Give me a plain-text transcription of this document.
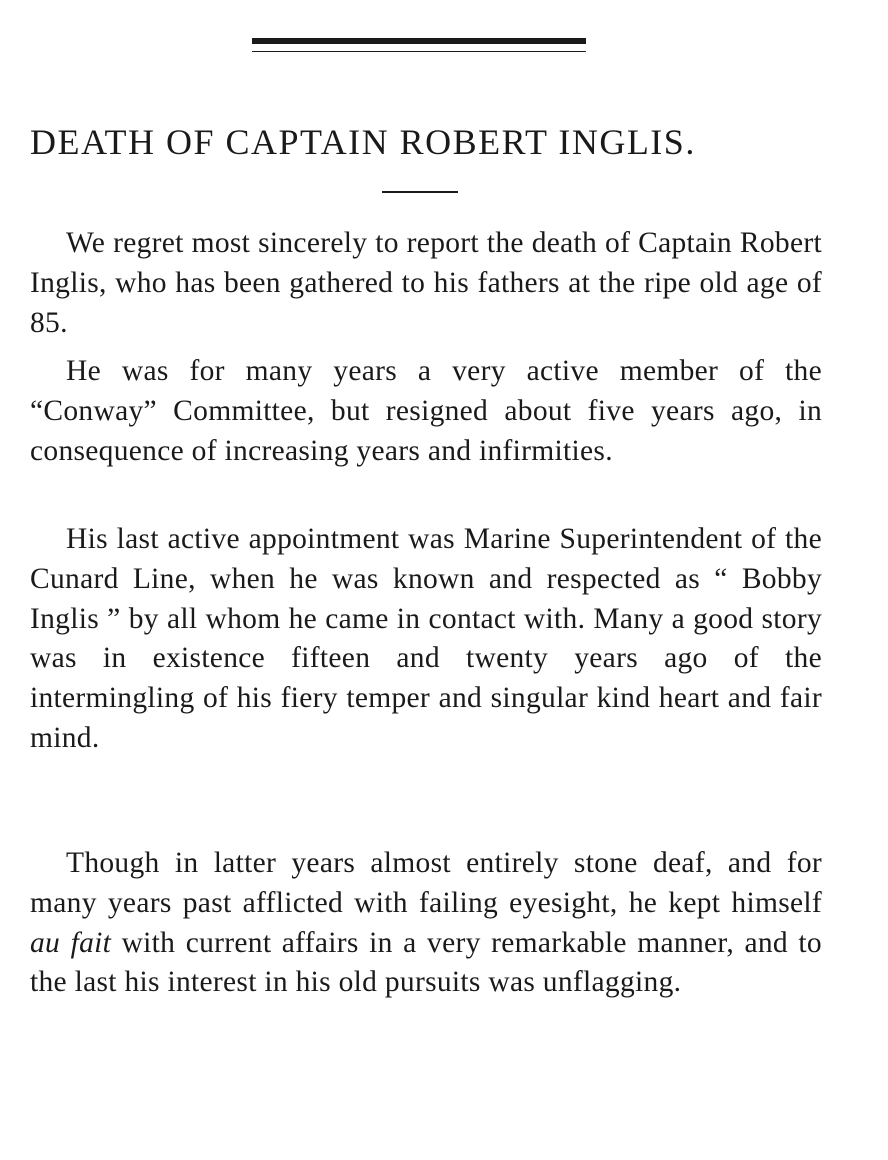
DEATH OF CAPTAIN ROBERT INGLIS.

We regret most sincerely to report the death of Captain Robert Inglis, who has been gathered to his fathers at the ripe old age of 85.

He was for many years a very active member of the “Conway” Committee, but resigned about five years ago, in consequence of increasing years and infirmities.

His last active appointment was Marine Superintendent of the Cunard Line, when he was known and respected as “ Bobby Inglis ” by all whom he came in contact with. Many a good story was in existence fifteen and twenty years ago of the intermingling of his fiery temper and singular kind heart and fair mind.

Though in latter years almost entirely stone deaf, and for many years past afflicted with failing eyesight, he kept himself au fait with current affairs in a very remarkable manner, and to the last his interest in his old pursuits was unflagging.
